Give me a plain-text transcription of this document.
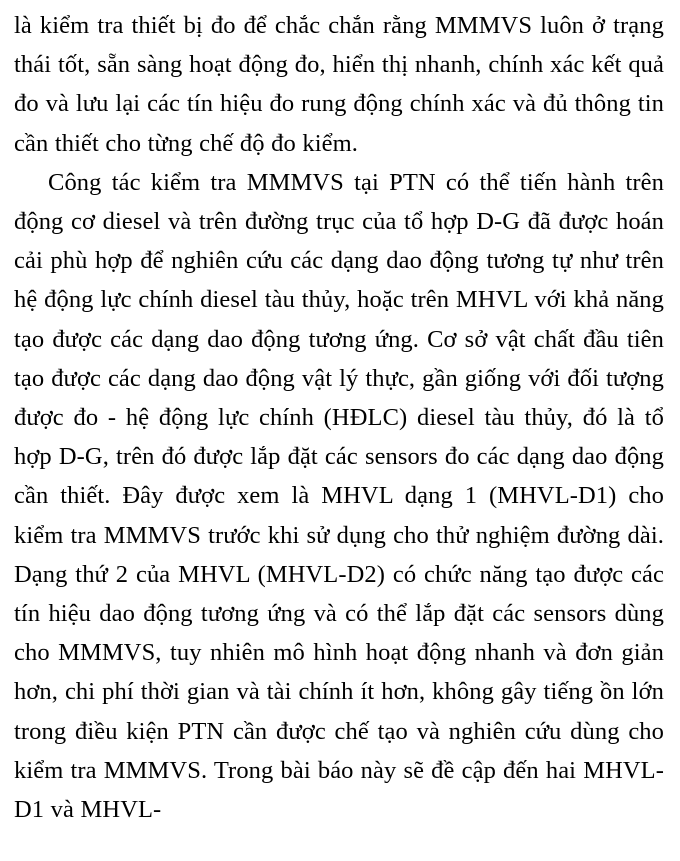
là kiểm tra thiết bị đo để chắc chắn rằng MMMVS luôn ở trạng thái tốt, sẵn sàng hoạt động đo, hiển thị nhanh, chính xác kết quả đo và lưu lại các tín hiệu đo rung động chính xác và đủ thông tin cần thiết cho từng chế độ đo kiểm.

Công tác kiểm tra MMMVS tại PTN có thể tiến hành trên động cơ diesel và trên đường trục của tổ hợp D-G đã được hoán cải phù hợp để nghiên cứu các dạng dao động tương tự như trên hệ động lực chính diesel tàu thủy, hoặc trên MHVL với khả năng tạo được các dạng dao động tương ứng. Cơ sở vật chất đầu tiên tạo được các dạng dao động vật lý thực, gần giống với đối tượng được đo - hệ động lực chính (HĐLC) diesel tàu thủy, đó là tổ hợp D-G, trên đó được lắp đặt các sensors đo các dạng dao động cần thiết. Đây được xem là MHVL dạng 1 (MHVL-D1) cho kiểm tra MMMVS trước khi sử dụng cho thử nghiệm đường dài. Dạng thứ 2 của MHVL (MHVL-D2) có chức năng tạo được các tín hiệu dao động tương ứng và có thể lắp đặt các sensors dùng cho MMMVS, tuy nhiên mô hình hoạt động nhanh và đơn giản hơn, chi phí thời gian và tài chính ít hơn, không gây tiếng ồn lớn trong điều kiện PTN cần được chế tạo và nghiên cứu dùng cho kiểm tra MMMVS. Trong bài báo này sẽ đề cập đến hai MHVL-D1 và MHVL-
